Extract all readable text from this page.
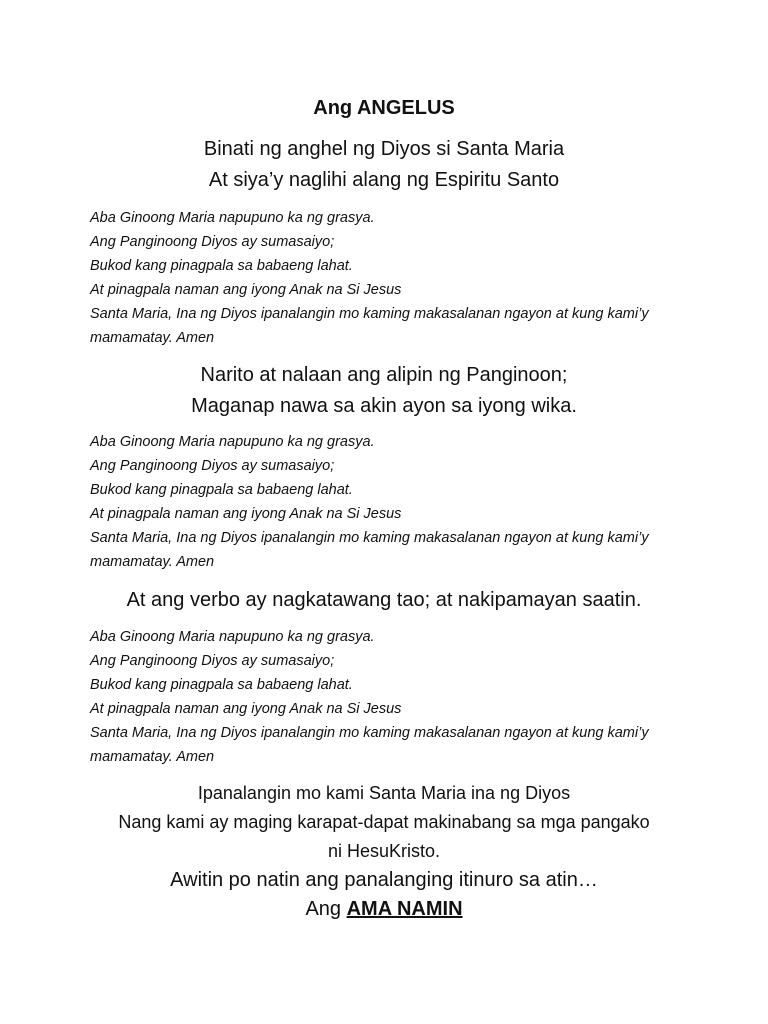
Ang ANGELUS
Binati ng anghel ng Diyos si Santa Maria
At siya’y naglihi alang ng Espiritu Santo
Aba Ginoong Maria napupuno ka ng grasya.
Ang Panginoong Diyos ay sumasaiyo;
Bukod kang pinagpala sa babaeng lahat.
At pinagpala naman ang iyong Anak na Si Jesus
Santa Maria, Ina ng Diyos ipanalangin mo kaming makasalanan ngayon at kung kami’y mamamatay. Amen
Narito at nalaan ang alipin ng Panginoon;
Maganap nawa sa akin ayon sa iyong wika.
Aba Ginoong Maria napupuno ka ng grasya.
Ang Panginoong Diyos ay sumasaiyo;
Bukod kang pinagpala sa babaeng lahat.
At pinagpala naman ang iyong Anak na Si Jesus
Santa Maria, Ina ng Diyos ipanalangin mo kaming makasalanan ngayon at kung kami’y mamamatay. Amen
At ang verbo ay nagkatawang tao; at nakipamayan saatin.
Aba Ginoong Maria napupuno ka ng grasya.
Ang Panginoong Diyos ay sumasaiyo;
Bukod kang pinagpala sa babaeng lahat.
At pinagpala naman ang iyong Anak na Si Jesus
Santa Maria, Ina ng Diyos ipanalangin mo kaming makasalanan ngayon at kung kami’y mamamatay. Amen
Ipanalangin mo kami Santa Maria ina ng Diyos
Nang kami ay maging karapat-dapat makinabang sa mga pangako ni HesuKristo.
Awitin po natin ang panalanging itinuro sa atin…
Ang AMA NAMIN
